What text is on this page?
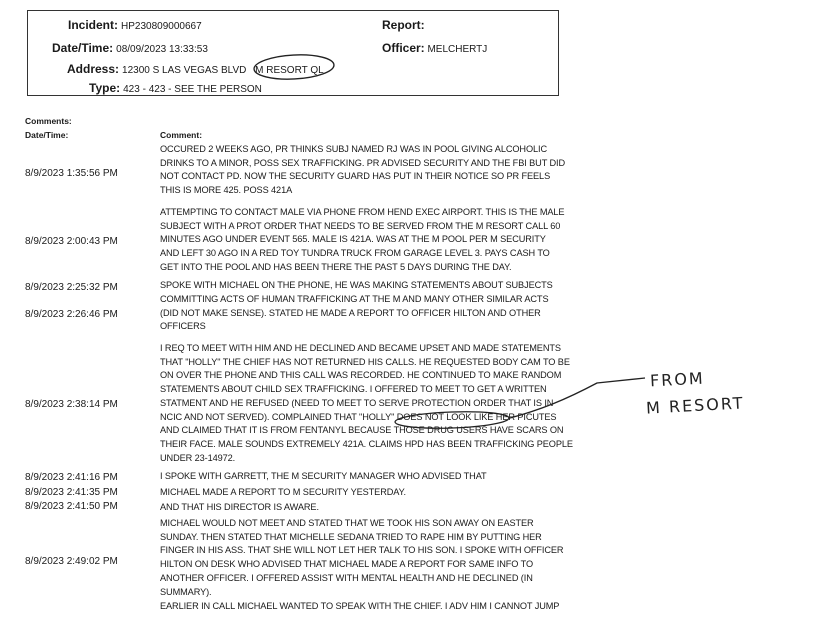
Incident: HP230809000667
Date/Time: 08/09/2023 13:33:53
Address: 12300 S LAS VEGAS BLVD M RESORT QL
Type: 423 - 423 - SEE THE PERSON
Report:
Officer: MELCHERTJ
Comments:
Date/Time:	Comment:
8/9/2023 1:35:56 PM
8/9/2023 2:00:43 PM
8/9/2023 2:25:32 PM
8/9/2023 2:26:46 PM
8/9/2023 2:38:14 PM
8/9/2023 2:41:16 PM
8/9/2023 2:41:35 PM
8/9/2023 2:41:50 PM
8/9/2023 2:49:02 PM
OCCURED 2 WEEKS AGO, PR THINKS SUBJ NAMED RJ WAS IN POOL GIVING ALCOHOLIC
DRINKS TO A MINOR, POSS SEX TRAFFICKING. PR ADVISED SECURITY AND THE FBI BUT DID
NOT CONTACT PD. NOW THE SECURITY GUARD HAS PUT IN THEIR NOTICE SO PR FEELS
THIS IS MORE 425. POSS 421A
ATTEMPTING TO CONTACT MALE VIA PHONE FROM HEND EXEC AIRPORT. THIS IS THE MALE
SUBJECT WITH A PROT ORDER THAT NEEDS TO BE SERVED FROM THE M RESORT CALL 60
MINUTES AGO UNDER EVENT 565. MALE IS 421A. WAS AT THE M POOL PER M SECURITY
AND LEFT 30 AGO IN A RED TOY TUNDRA TRUCK FROM GARAGE LEVEL 3. PAYS CASH TO
GET INTO THE POOL AND HAS BEEN THERE THE PAST 5 DAYS DURING THE DAY.
SPOKE WITH MICHAEL ON THE PHONE, HE WAS MAKING STATEMENTS ABOUT SUBJECTS
COMMITTING ACTS OF HUMAN TRAFFICKING AT THE M AND MANY OTHER SIMILAR ACTS
(DID NOT MAKE SENSE). STATED HE MADE A REPORT TO OFFICER HILTON AND OTHER
OFFICERS
I REQ TO MEET WITH HIM AND HE DECLINED AND BECAME UPSET AND MADE STATEMENTS
THAT "HOLLY" THE CHIEF HAS NOT RETURNED HIS CALLS. HE REQUESTED BODY CAM TO BE
ON OVER THE PHONE AND THIS CALL WAS RECORDED. HE CONTINUED TO MAKE RANDOM
STATEMENTS ABOUT CHILD SEX TRAFFICKING. I OFFERED TO MEET TO GET A WRITTEN
STATMENT AND HE REFUSED (NEED TO MEET TO SERVE PROTECTION ORDER THAT IS IN
NCIC AND NOT SERVED). COMPLAINED THAT "HOLLY" DOES NOT LOOK LIKE HER PICUTES
AND CLAIMED THAT IT IS FROM FENTANYL BECAUSE THOSE DRUG USERS HAVE SCARS ON
THEIR FACE. MALE SOUNDS EXTREMELY 421A. CLAIMS HPD HAS BEEN TRAFFICKING PEOPLE
UNDER 23-14972.
I SPOKE WITH GARRETT, THE M SECURITY MANAGER WHO ADVISED THAT
MICHAEL MADE A REPORT TO M SECURITY YESTERDAY.
AND THAT HIS DIRECTOR IS AWARE.
MICHAEL WOULD NOT MEET AND STATED THAT WE TOOK HIS SON AWAY ON EASTER
SUNDAY. THEN STATED THAT MICHELLE SEDANA TRIED TO RAPE HIM BY PUTTING HER
FINGER IN HIS ASS. THAT SHE WILL NOT LET HER TALK TO HIS SON. I SPOKE WITH OFFICER
HILTON ON DESK WHO ADVISED THAT MICHAEL MADE A REPORT FOR SAME INFO TO
ANOTHER OFFICER. I OFFERED ASSIST WITH MENTAL HEALTH AND HE DECLINED (IN
SUMMARY).
EARLIER IN CALL MICHAEL WANTED TO SPEAK WITH THE CHIEF. I ADV HIM I CANNOT JUMP
FROM
M RESORT
